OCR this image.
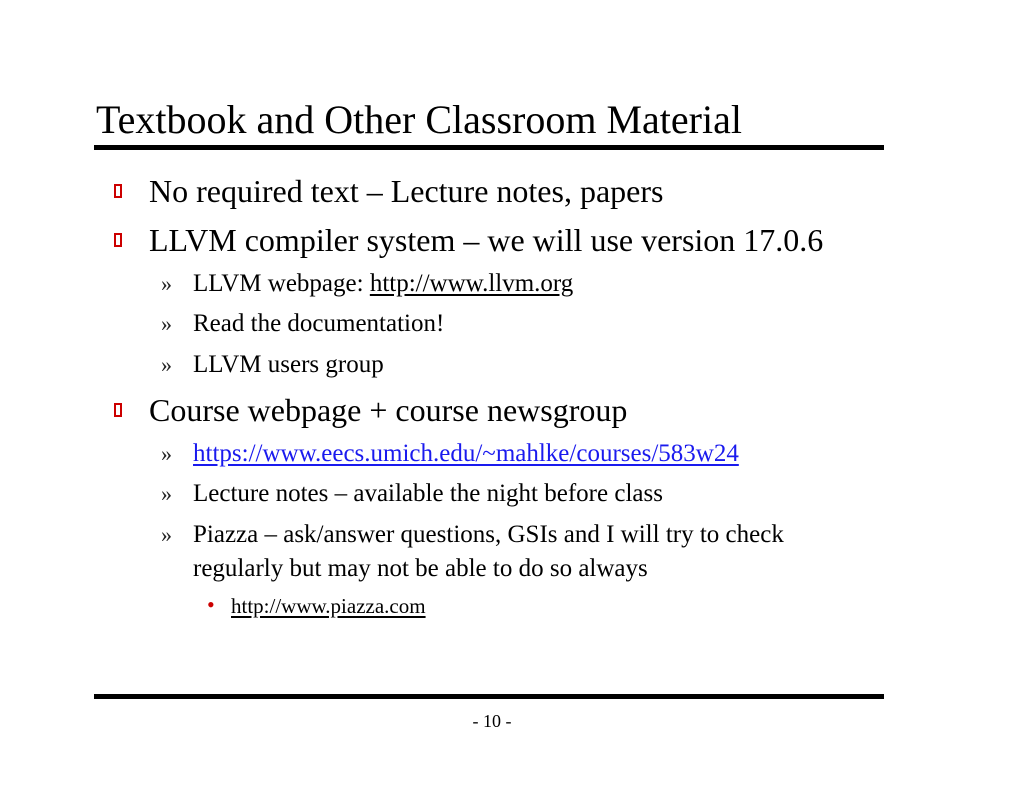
Textbook and Other Classroom Material
No required text – Lecture notes, papers
LLVM compiler system – we will use version 17.0.6
» LLVM webpage: http://www.llvm.org
» Read the documentation!
» LLVM users group
Course webpage + course newsgroup
» https://www.eecs.umich.edu/~mahlke/courses/583w24
» Lecture notes – available the night before class
» Piazza – ask/answer questions, GSIs and I will try to check
regularly but may not be able to do so always
• http://www.piazza.com
- 10 -
